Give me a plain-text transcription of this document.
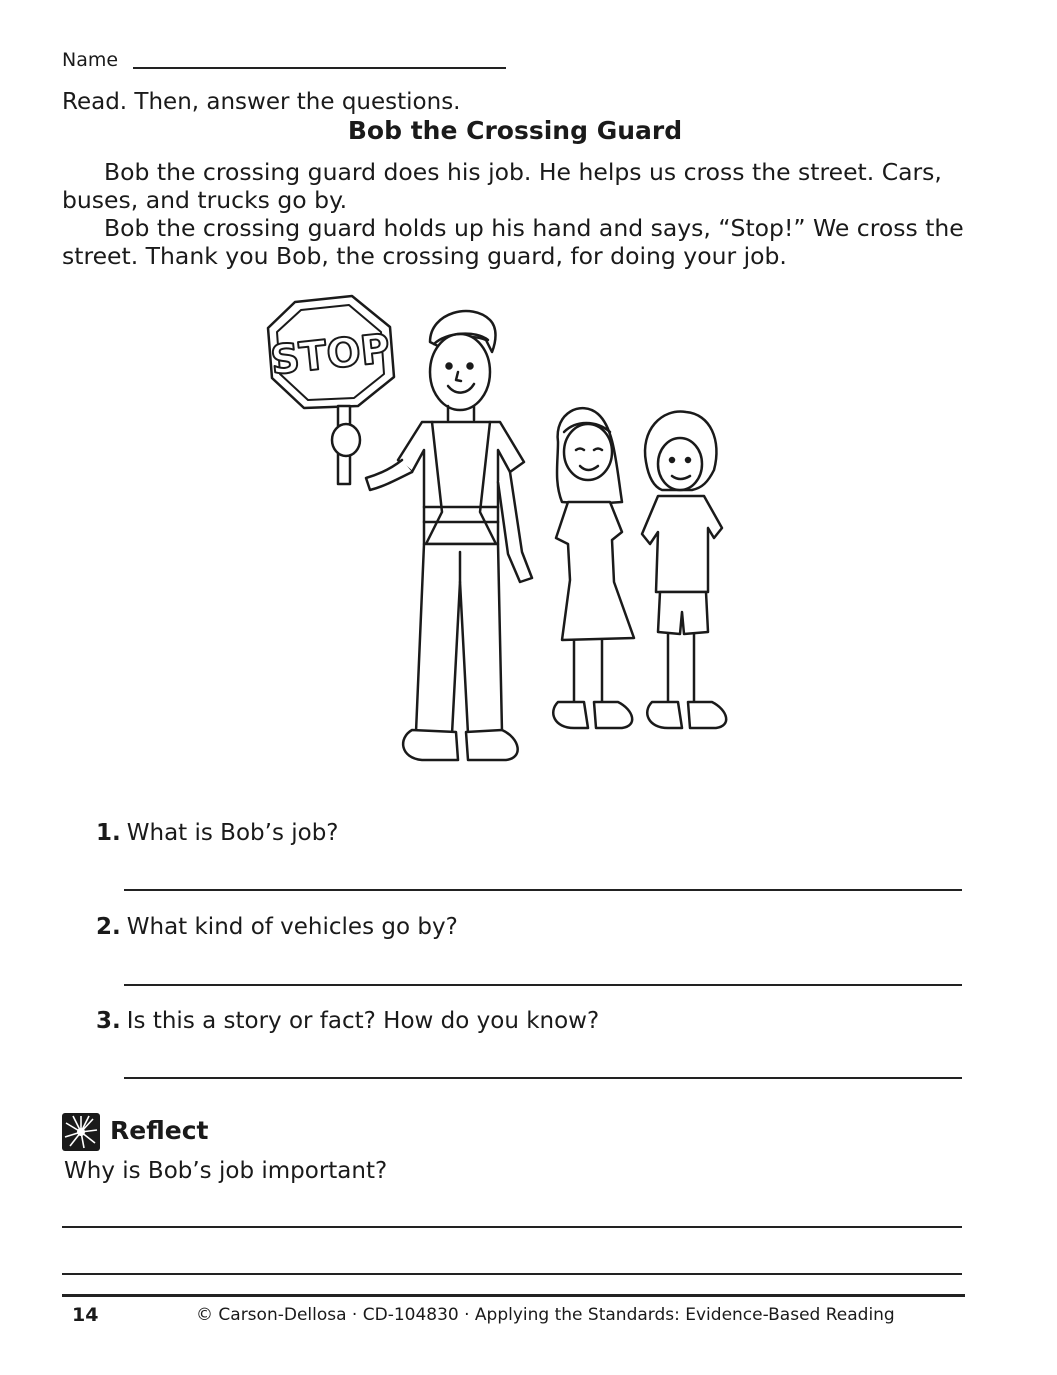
Name
Read. Then, answer the questions.
Bob the Crossing Guard

Bob the crossing guard does his job. He helps us cross the street. Cars, buses, and trucks go by.

Bob the crossing guard holds up his hand and says, “Stop!” We cross the street. Thank you Bob, the crossing guard, for doing your job.

STOP
1. What is Bob’s job?
2. What kind of vehicles go by?
3. Is this a story or fact? How do you know?
Reflect
Why is Bob’s job important?
14	© Carson-Dellosa · CD-104830 · Applying the Standards: Evidence-Based Reading
